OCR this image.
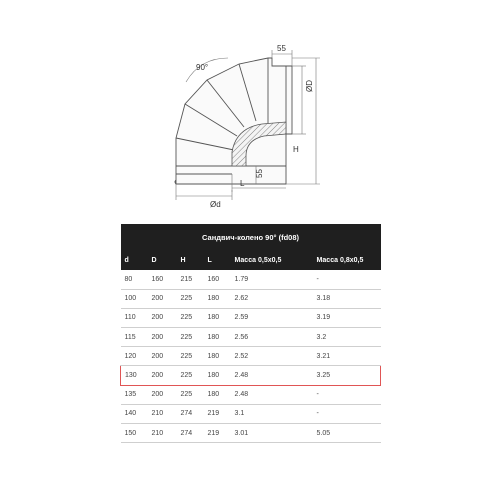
90°
55
ØD
H
55
L
Ød
Сандвич-колено 90° (fd08)					
d	D	H	L	Масса 0,5x0,5	Масса 0,8x0,5
80	160	215	160	1.79	-
100	200	225	180	2.62	3.18
110	200	225	180	2.59	3.19
115	200	225	180	2.56	3.2
120	200	225	180	2.52	3.21
130	200	225	180	2.48	3.25
135	200	225	180	2.48	-
140	210	274	219	3.1	-
150	210	274	219	3.01	5.05
